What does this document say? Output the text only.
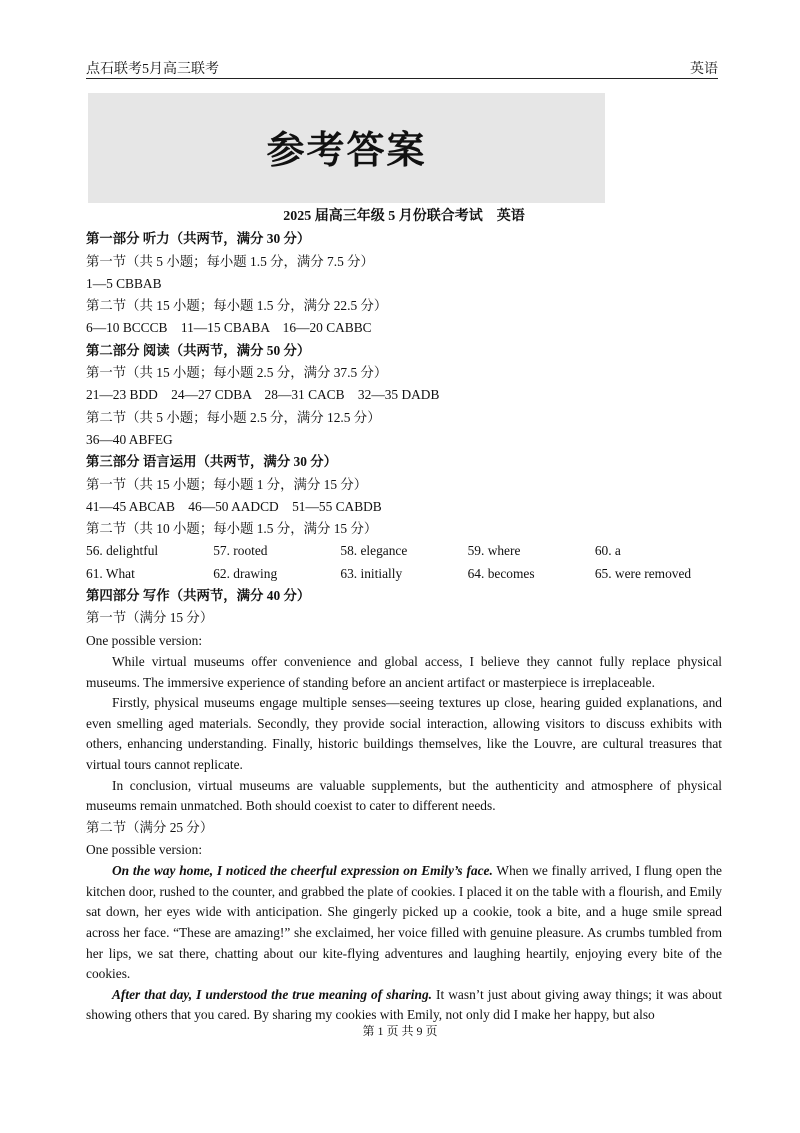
点石联考5月高三联考	英语
参考答案
2025 届高三年级 5 月份联合考试　英语
第一部分 听力（共两节，满分 30 分）
第一节（共 5 小题；每小题 1.5 分，满分 7.5 分）
1—5 CBBAB
第二节（共 15 小题；每小题 1.5 分，满分 22.5 分）
6—10 BCCCB　11—15 CBABA　16—20 CABBC
第二部分 阅读（共两节，满分 50 分）
第一节（共 15 小题；每小题 2.5 分，满分 37.5 分）
21—23 BDD　24—27 CDBA　28—31 CACB　32—35 DADB
第二节（共 5 小题；每小题 2.5 分，满分 12.5 分）
36—40 ABFEG
第三部分 语言运用（共两节，满分 30 分）
第一节（共 15 小题；每小题 1 分，满分 15 分）
41—45 ABCAB　46—50 AADCD　51—55 CABDB
第二节（共 10 小题；每小题 1.5 分，满分 15 分）
56. delightful	57. rooted	58. elegance	59. where	60. a
61. What	62. drawing	63. initially	64. becomes	65. were removed
第四部分 写作（共两节，满分 40 分）
第一节（满分 15 分）
One possible version:

While virtual museums offer convenience and global access, I believe they cannot fully replace physical museums. The immersive experience of standing before an ancient artifact or masterpiece is irreplaceable.

Firstly, physical museums engage multiple senses—seeing textures up close, hearing guided explanations, and even smelling aged materials. Secondly, they provide social interaction, allowing visitors to discuss exhibits with others, enhancing understanding. Finally, historic buildings themselves, like the Louvre, are cultural treasures that virtual tours cannot replicate.

In conclusion, virtual museums are valuable supplements, but the authenticity and atmosphere of physical museums remain unmatched. Both should coexist to cater to different needs.

第二节（满分 25 分）
One possible version:

On the way home, I noticed the cheerful expression on Emily’s face. When we finally arrived, I flung open the kitchen door, rushed to the counter, and grabbed the plate of cookies. I placed it on the table with a flourish, and Emily sat down, her eyes wide with anticipation. She gingerly picked up a cookie, took a bite, and a huge smile spread across her face. “These are amazing!” she exclaimed, her voice filled with genuine pleasure. As crumbs tumbled from her lips, we sat there, chatting about our kite-flying adventures and laughing heartily, enjoying every bite of the cookies.

After that day, I understood the true meaning of sharing. It wasn’t just about giving away things; it was about showing others that you cared. By sharing my cookies with Emily, not only did I make her happy, but also

第 1 页 共 9 页
